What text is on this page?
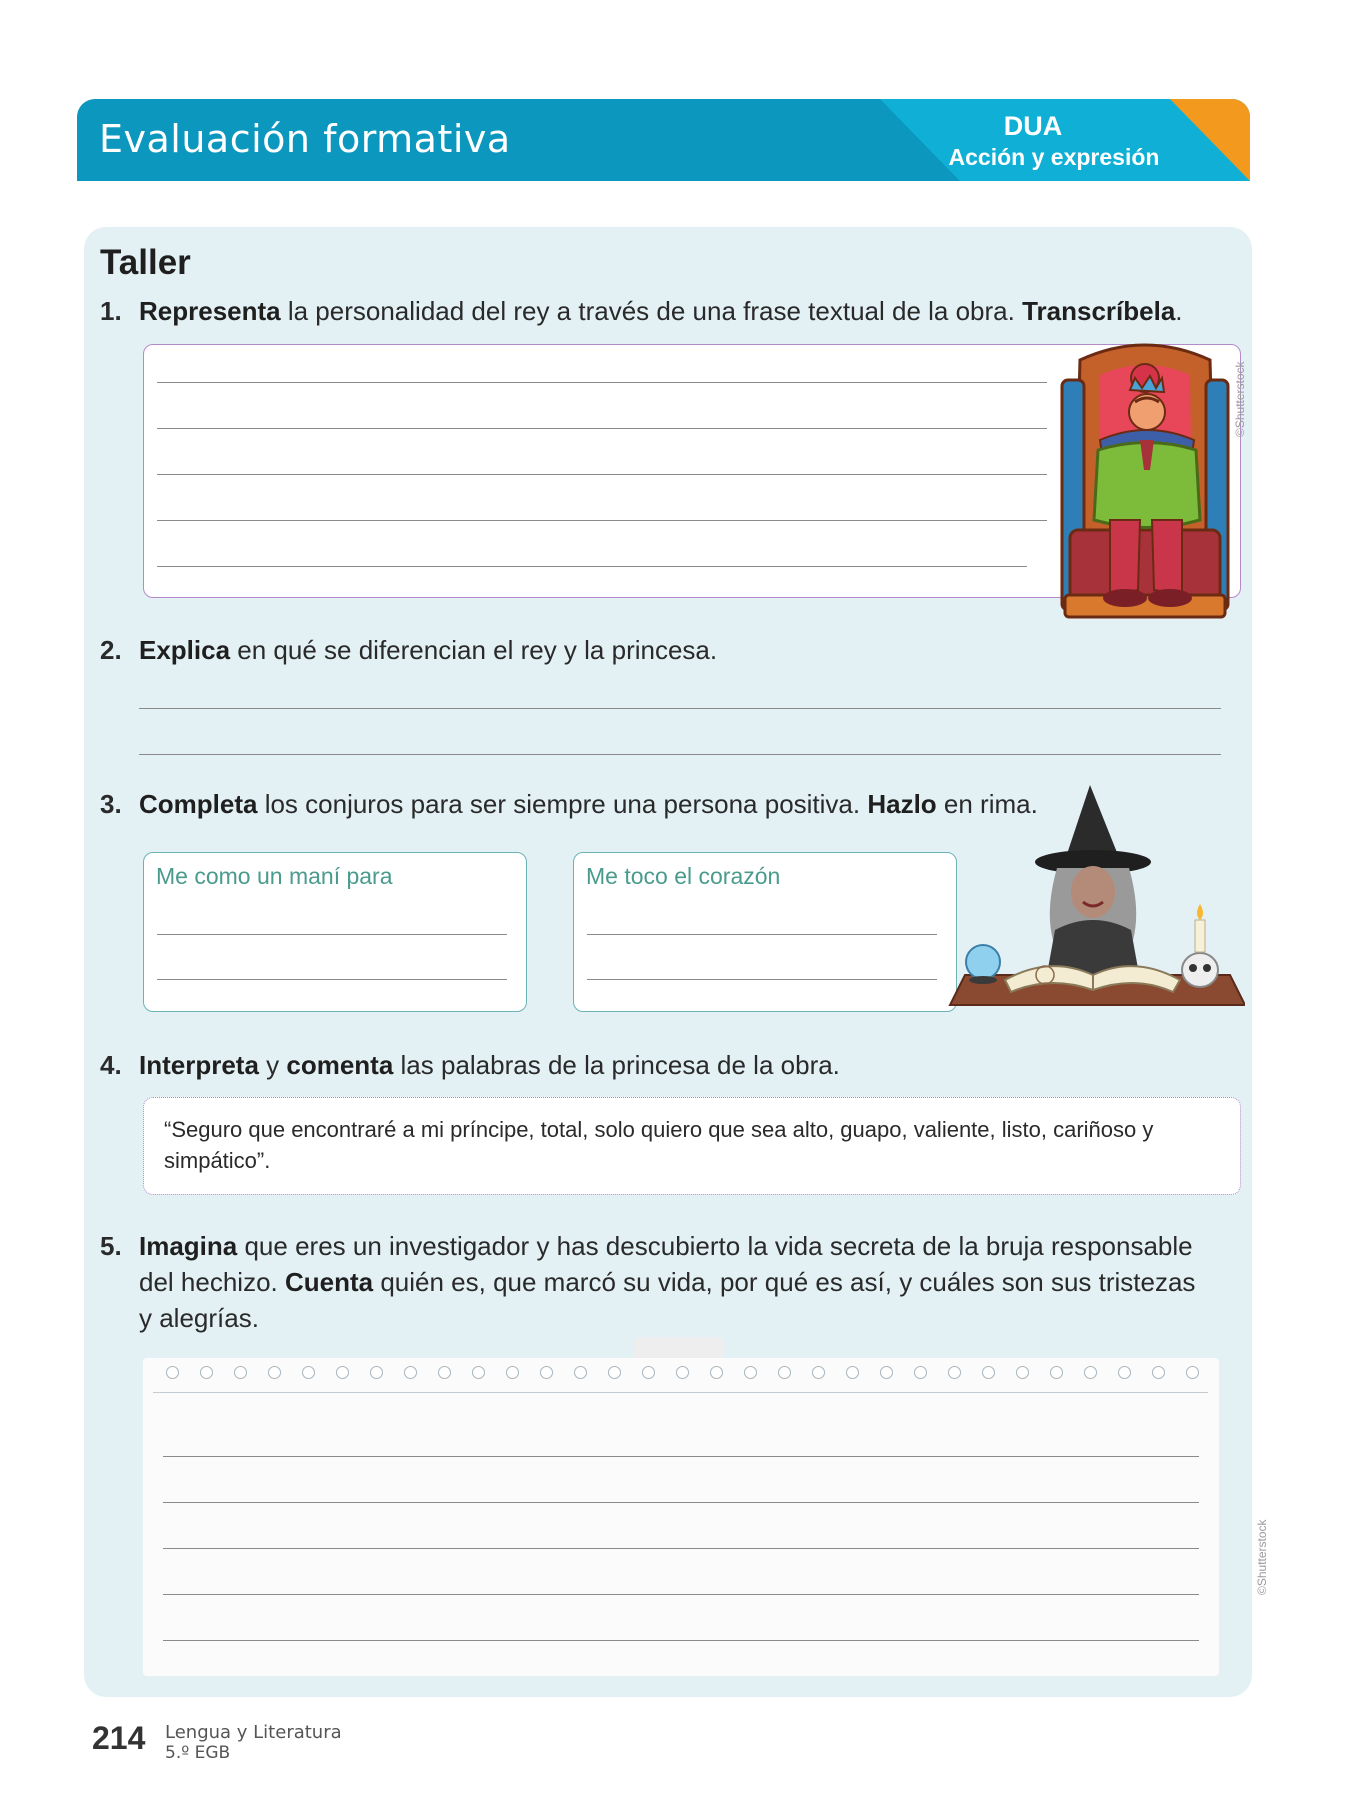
Evaluación formativa	DUA
Acción y expresión
Taller
1. Representa la personalidad del rey a través de una frase textual de la obra. Transcríbela.
©Shutterstock
2. Explica en qué se diferencian el rey y la princesa.
3. Completa los conjuros para ser siempre una persona positiva. Hazlo en rima.
Me como un maní para	Me toco el corazón
4. Interpreta y comenta las palabras de la princesa de la obra.
“Seguro que encontraré a mi príncipe, total, solo quiero que sea alto, guapo, valiente, listo, cariñoso y simpático”.
5. Imagina que eres un investigador y has descubierto la vida secreta de la bruja responsable
del hechizo. Cuenta quién es, que marcó su vida, por qué es así, y cuáles son sus tristezas
y alegrías.
©Shutterstock
214 Lengua y Literatura
5.º EGB
